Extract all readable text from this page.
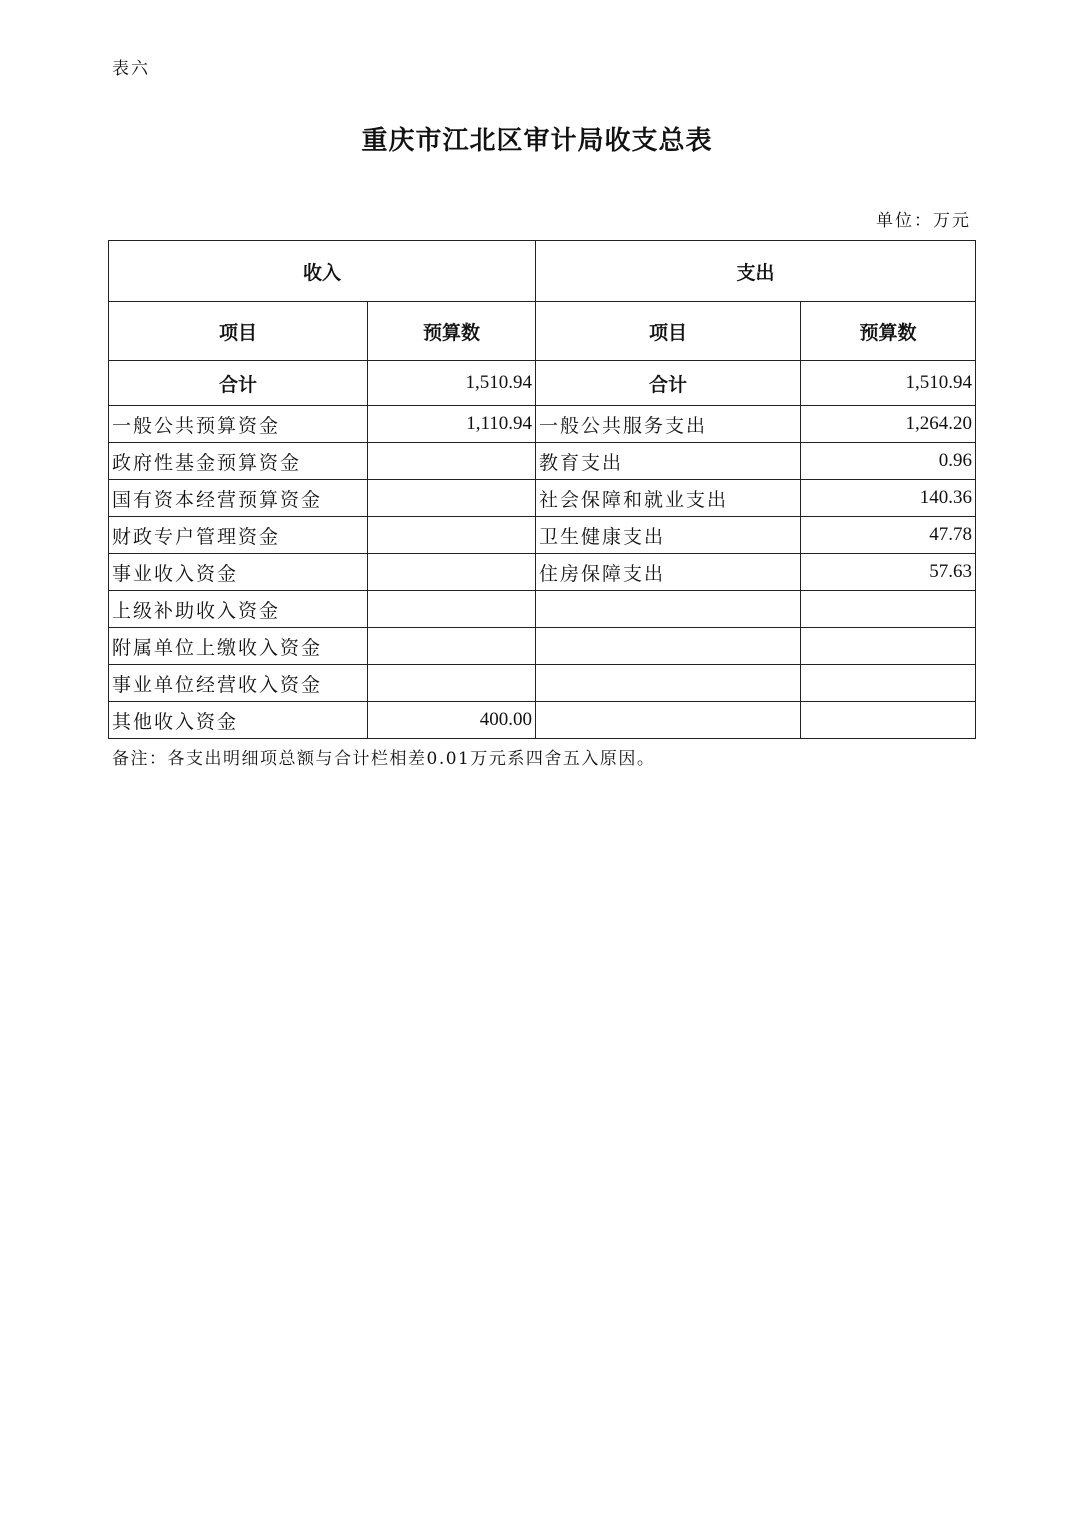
表六
重庆市江北区审计局收支总表
单位：万元
收入		支出	
项目	预算数	项目	预算数
合计	1,510.94	合计	1,510.94
一般公共预算资金	1,110.94	一般公共服务支出	1,264.20
政府性基金预算资金		教育支出	0.96
国有资本经营预算资金		社会保障和就业支出	140.36
财政专户管理资金		卫生健康支出	47.78
事业收入资金		住房保障支出	57.63
上级补助收入资金			
附属单位上缴收入资金			
事业单位经营收入资金			
其他收入资金	400.00		
备注：各支出明细项总额与合计栏相差0.01万元系四舍五入原因。
